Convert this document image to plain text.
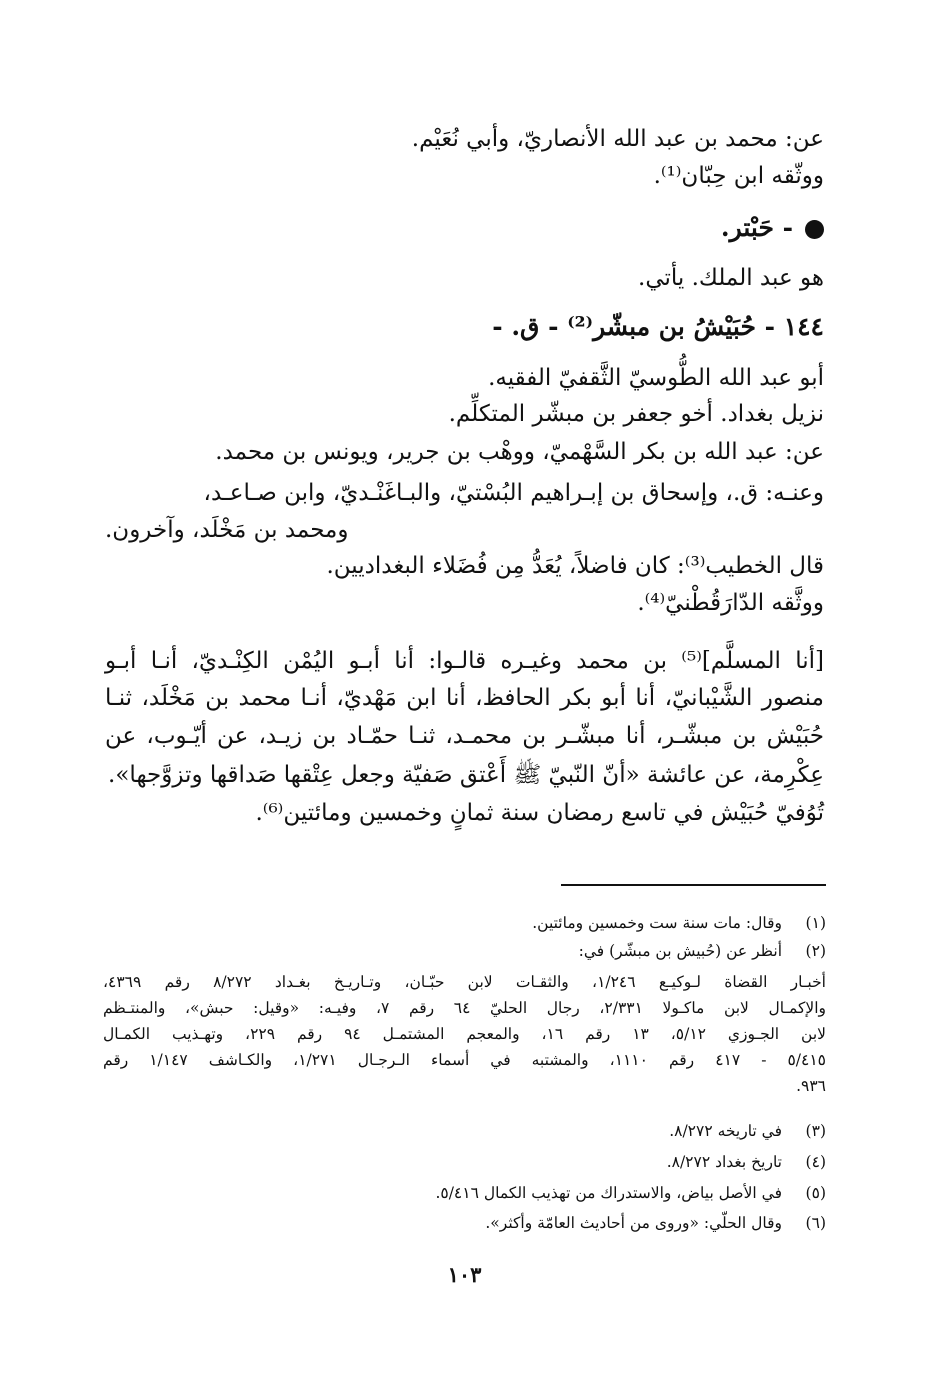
عن: محمد بن عبد الله الأنصاريّ، وأبي نُعَيْم.
ووثّقه ابن حِبّان⁽¹⁾.
- حَبْتر.
هو عبد الملك. يأتي.
١٤٤ - حُبَيْشُ بن مبشّر⁽²⁾ - ق. -
أبو عبد الله الطُّوسيّ الثَّقفيّ الفقيه.
نزيل بغداد. أخو جعفر بن مبشّر المتكلِّم.
عن: عبد الله بن بكر السَّهْميّ، ووهْب بن جرير، ويونس بن محمد.
وعنـه: ق.، وإسحاق بن إبـراهيم البُسْتيّ، والبـاغَنْـديّ، وابن صـاعـد،
ومحمد بن مَخْلَد، وآخرون.
قال الخطيب⁽³⁾: كان فاضلاً، يُعَدُّ مِن فُضَلاء البغداديين.
ووثَّقه الدّارَقُطْنيّ⁽⁴⁾.
[أنا المسلَّم]⁽⁵⁾ بن محمد وغيـره قالـوا: أنا أبـو اليُمْن الكِنْـديّ، أنـا أبـو
منصور الشَّيْبانيّ، أنا أبو بكر الحافظ، أنا ابن مَهْديّ، أنـا محمد بن مَخْلَد، ثنـا
حُبَيْش بن مبشّـر، أنا مبشّـر بن محمـد، ثنـا حمّـاد بن زيـد، عن أيّـوب، عن
عِكْرِمة، عن عائشة «أنّ النّبيّ ﷺ أَعْتق صَفيّة وجعل عِتْقها صَداقها وتزوَّجها».
تُوُفيّ حُبَيْش في تاسع رمضان سنة ثمانٍ وخمسين ومائتين⁽⁶⁾.
(١)وقال: مات سنة ست وخمسين ومائتين.
(٢)أنظر عن (حُبيش بن مبشّر) في:
أخبـار القضاة لـوكيـع ١/٢٤٦، والثقـات لابن حبّـان، وتـاريـخ بغـداد ٨/٢٧٢ رقم ٤٣٦٩،
والإكمـال لابن ماكـولا ٢/٣٣١، رجال الحليّ ٦٤ رقم ٧، وفيـه: «وقيل: حبش»، والمنتـظم
لابن الجـوزي ٥/١٢، ١٣ رقم ١٦، والمعجم المشتمـل ٩٤ رقم ٢٢٩، وتهـذيب الكمـال
٥/٤١٥ - ٤١٧ رقم ١١١٠، والمشتبه في أسماء الـرجـال ١/٢٧١، والكـاشف ١/١٤٧ رقم
٩٣٦.
(٣)في تاريخه ٨/٢٧٢.
(٤)تاريخ بغداد ٨/٢٧٢.
(٥)في الأصل بياض، والاستدراك من تهذيب الكمال ٥/٤١٦.
(٦)وقال الحلّي: «وروى من أحاديث العامّة وأكثر».
١٠٣
